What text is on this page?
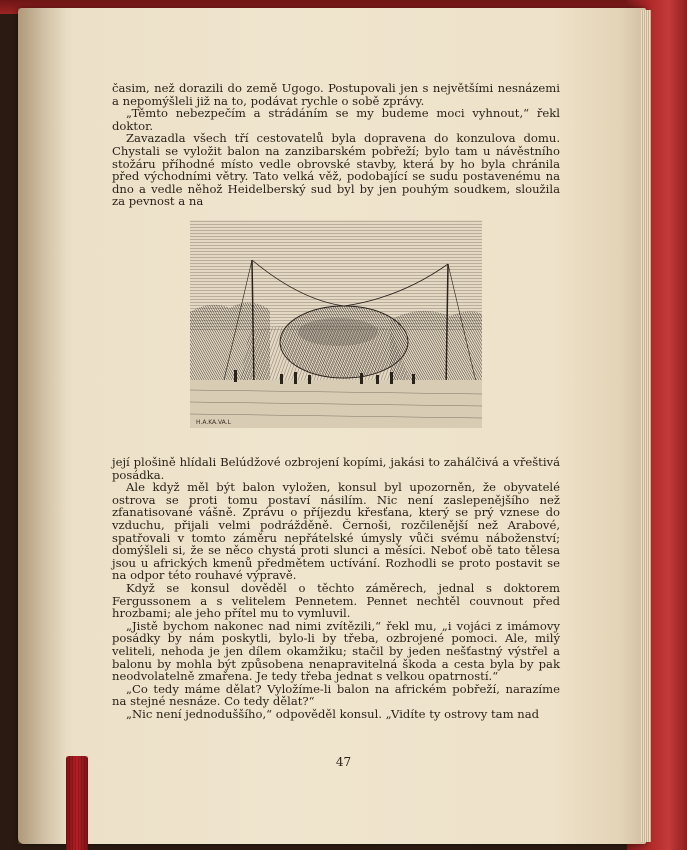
časim, než dorazili do země Ugogo. Postupovali jen s největšími nesnázemi a nepomýšleli již na to, podávat rychle o sobě zprávy.

„Těmto nebezpečím a strádáním se my budeme moci vyhnout,“ řekl doktor.

Zavazadla všech tří cestovatelů byla dopravena do konzulova domu. Chystali se vyložit balon na zanzibarském pobřeží; bylo tam u návěstního stožáru příhodné místo vedle obrovské stavby, která by ho byla chránila před východními větry. Tato velká věž, podobající se sudu postavenému na dno a vedle něhož Heidelberský sud byl by jen pouhým soudkem, sloužila za pevnost a na

H.A.KA.VA.L

její plošině hlídali Belúdžové ozbrojení kopími, jakási to zahálčivá a vřeštivá posádka.

Ale když měl být balon vyložen, konsul byl upozorněn, že obyvatelé ostrova se proti tomu postaví násilím. Nic není zaslepenějšího než zfanatisované vášně. Zprávu o příjezdu křesťana, který se prý vznese do vzduchu, přijali velmi podrážděně. Černoši, rozčilenější než Arabové, spatřovali v tomto záměru nepřátelské úmysly vůči svému náboženství; domýšleli si, že se něco chystá proti slunci a měsíci. Neboť obě tato tělesa jsou u afrických kmenů předmětem uctívání. Rozhodli se proto postavit se na odpor této rouhavé výpravě.

Když se konsul dověděl o těchto záměrech, jednal s doktorem Fergussonem a s velitelem Pennetem. Pennet nechtěl couvnout před hrozbami; ale jeho přítel mu to vymluvil.

„Jistě bychom nakonec nad nimi zvítězili,“ řekl mu, „i vojáci z imámovy posádky by nám poskytli, bylo-li by třeba, ozbrojené pomoci. Ale, milý veliteli, nehoda je jen dílem okamžiku; stačil by jeden nešťastný výstřel a balonu by mohla být způsobena nenapravitelná škoda a cesta byla by pak neodvolatelně zmařena. Je tedy třeba jednat s velkou opatrností.“

„Co tedy máme dělat? Vyložíme-li balon na africkém pobřeží, narazíme na stejné nesnáze. Co tedy dělat?“

„Nic není jednoduššího,“ odpověděl konsul. „Vidíte ty ostrovy tam nad

47
